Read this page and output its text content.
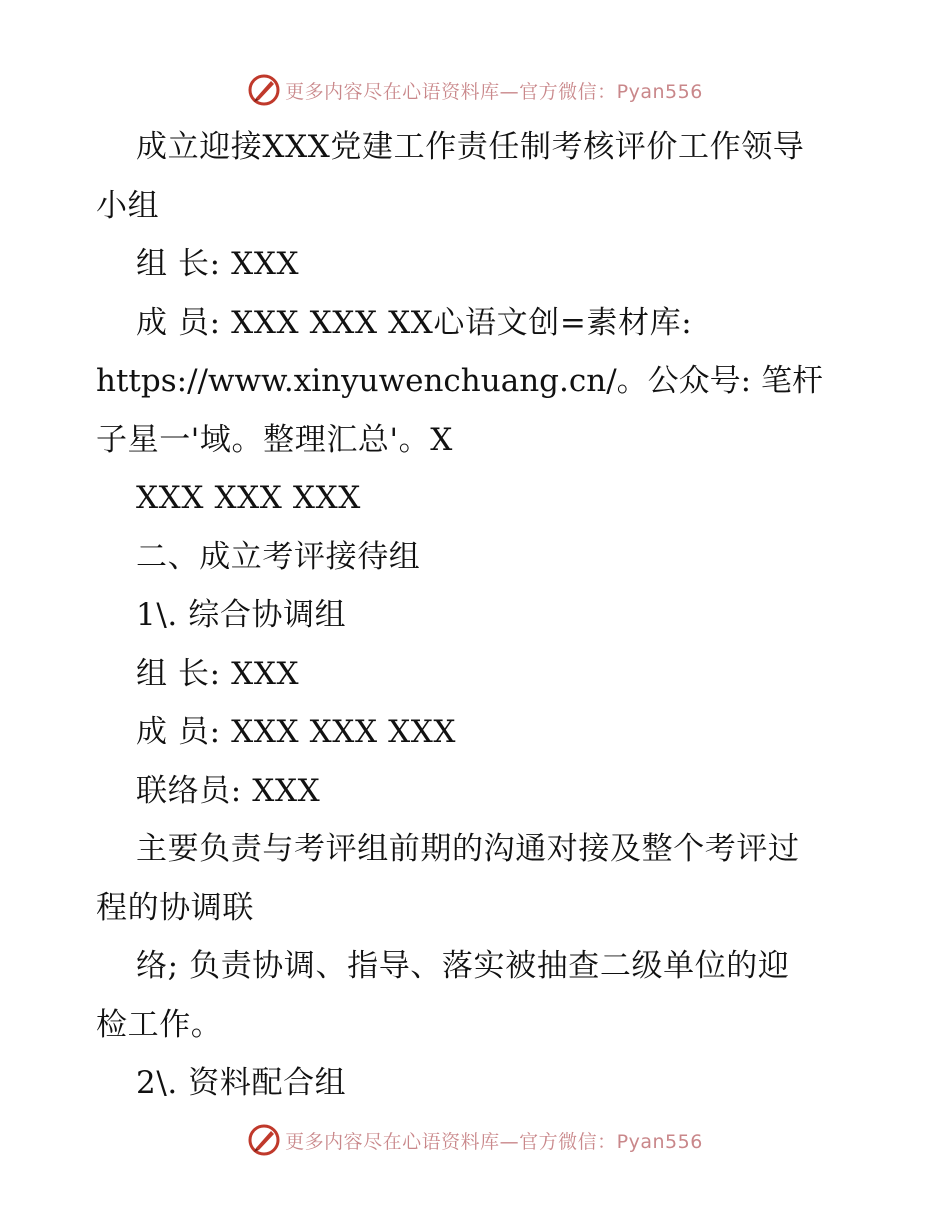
更多内容尽在心语资料库—官方微信：Pyan556
成立迎接XXX党建工作责任制考核评价工作领导
小组
组 长: XXX
成 员: XXX XXX XX心语文创=素材库:
https://www.xinyuwenchuang.cn/。公众号: 笔杆
子星一'域。整理汇总'。X
XXX XXX XXX
二、成立考评接待组
1\. 综合协调组
组 长: XXX
成 员: XXX XXX XXX
联络员: XXX
主要负责与考评组前期的沟通对接及整个考评过
程的协调联
络; 负责协调、指导、落实被抽查二级单位的迎
检工作。
2\. 资料配合组
更多内容尽在心语资料库—官方微信：Pyan556
